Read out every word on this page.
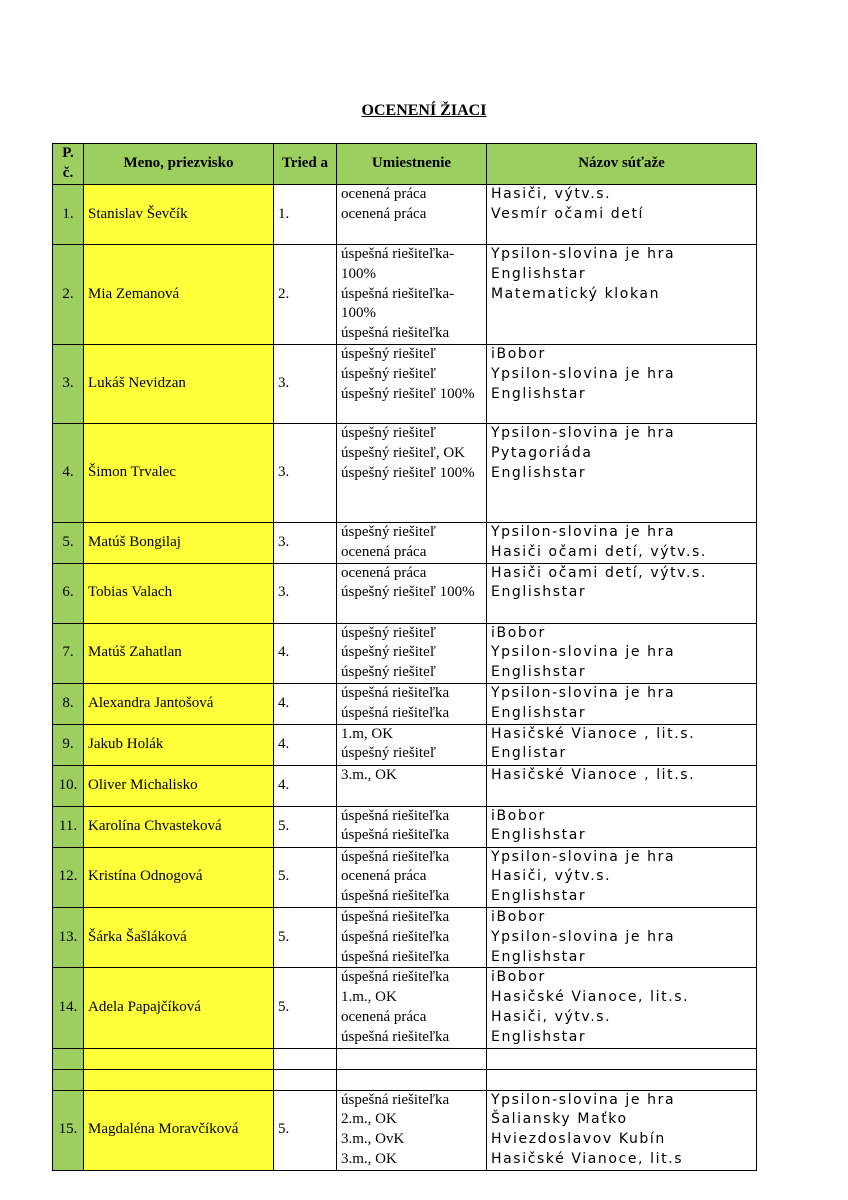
OCENENÍ ŽIACI
P. č.	Meno, priezvisko	Tried a	Umiestnenie	Názov súťaže
1.	Stanislav Ševčík	1.	ocenená práca
ocenená práca	Hasiči, výtv.s.
Vesmír očami detí

2.	Mia Zemanová	2.	úspešná riešiteľka-100%
úspešná riešiteľka-100%
úspešná riešiteľka	Ypsilon-slovina je hra
Englishstar
Matematický klokan

3.	Lukáš Nevidzan	3.	úspešný riešiteľ
úspešný riešiteľ
úspešný riešiteľ 100%	iBobor
Ypsilon-slovina je hra
Englishstar

4.	Šimon Trvalec	3.	úspešný riešiteľ
úspešný riešiteľ, OK
úspešný riešiteľ 100%	Ypsilon-slovina je hra
Pytagoriáda
Englishstar

5.	Matúš Bongilaj	3.	úspešný riešiteľ
ocenená práca	Ypsilon-slovina je hra
Hasiči očami detí, výtv.s.

6.	Tobias Valach	3.	ocenená práca
úspešný riešiteľ 100%	Hasiči očami detí, výtv.s.
Englishstar

7.	Matúš Zahatlan	4.	úspešný riešiteľ
úspešný riešiteľ
úspešný riešiteľ	iBobor
Ypsilon-slovina je hra
Englishstar

8.	Alexandra Jantošová	4.	úspešná riešiteľka
úspešná riešiteľka	Ypsilon-slovina je hra
Englishstar

9.	Jakub Holák	4.	1.m, OK
úspešný riešiteľ	Hasičské Vianoce , lit.s.
Englistar

10.	Oliver Michalisko	4.	3.m., OK	Hasičské Vianoce , lit.s.

11.	Karolína Chvasteková	5.	úspešná riešiteľka
úspešná riešiteľka	iBobor
Englishstar

12.	Kristína Odnogová	5.	úspešná riešiteľka
ocenená práca
úspešná riešiteľka	Ypsilon-slovina je hra
Hasiči, výtv.s.
Englishstar

13.	Šárka Šašláková	5.	úspešná riešiteľka
úspešná riešiteľka
úspešná riešiteľka	iBobor
Ypsilon-slovina je hra
Englishstar

14.	Adela Papajčíková	5.	úspešná riešiteľka
1.m., OK
ocenená práca
úspešná riešiteľka	iBobor
Hasičské Vianoce, lit.s.
Hasiči, výtv.s.
Englishstar

15.	Magdaléna Moravčíková	5.	úspešná riešiteľka
2.m., OK
3.m., OvK
3.m., OK	Ypsilon-slovina je hra
Šaliansky Maťko
Hviezdoslavov Kubín
Hasičské Vianoce, lit.s
